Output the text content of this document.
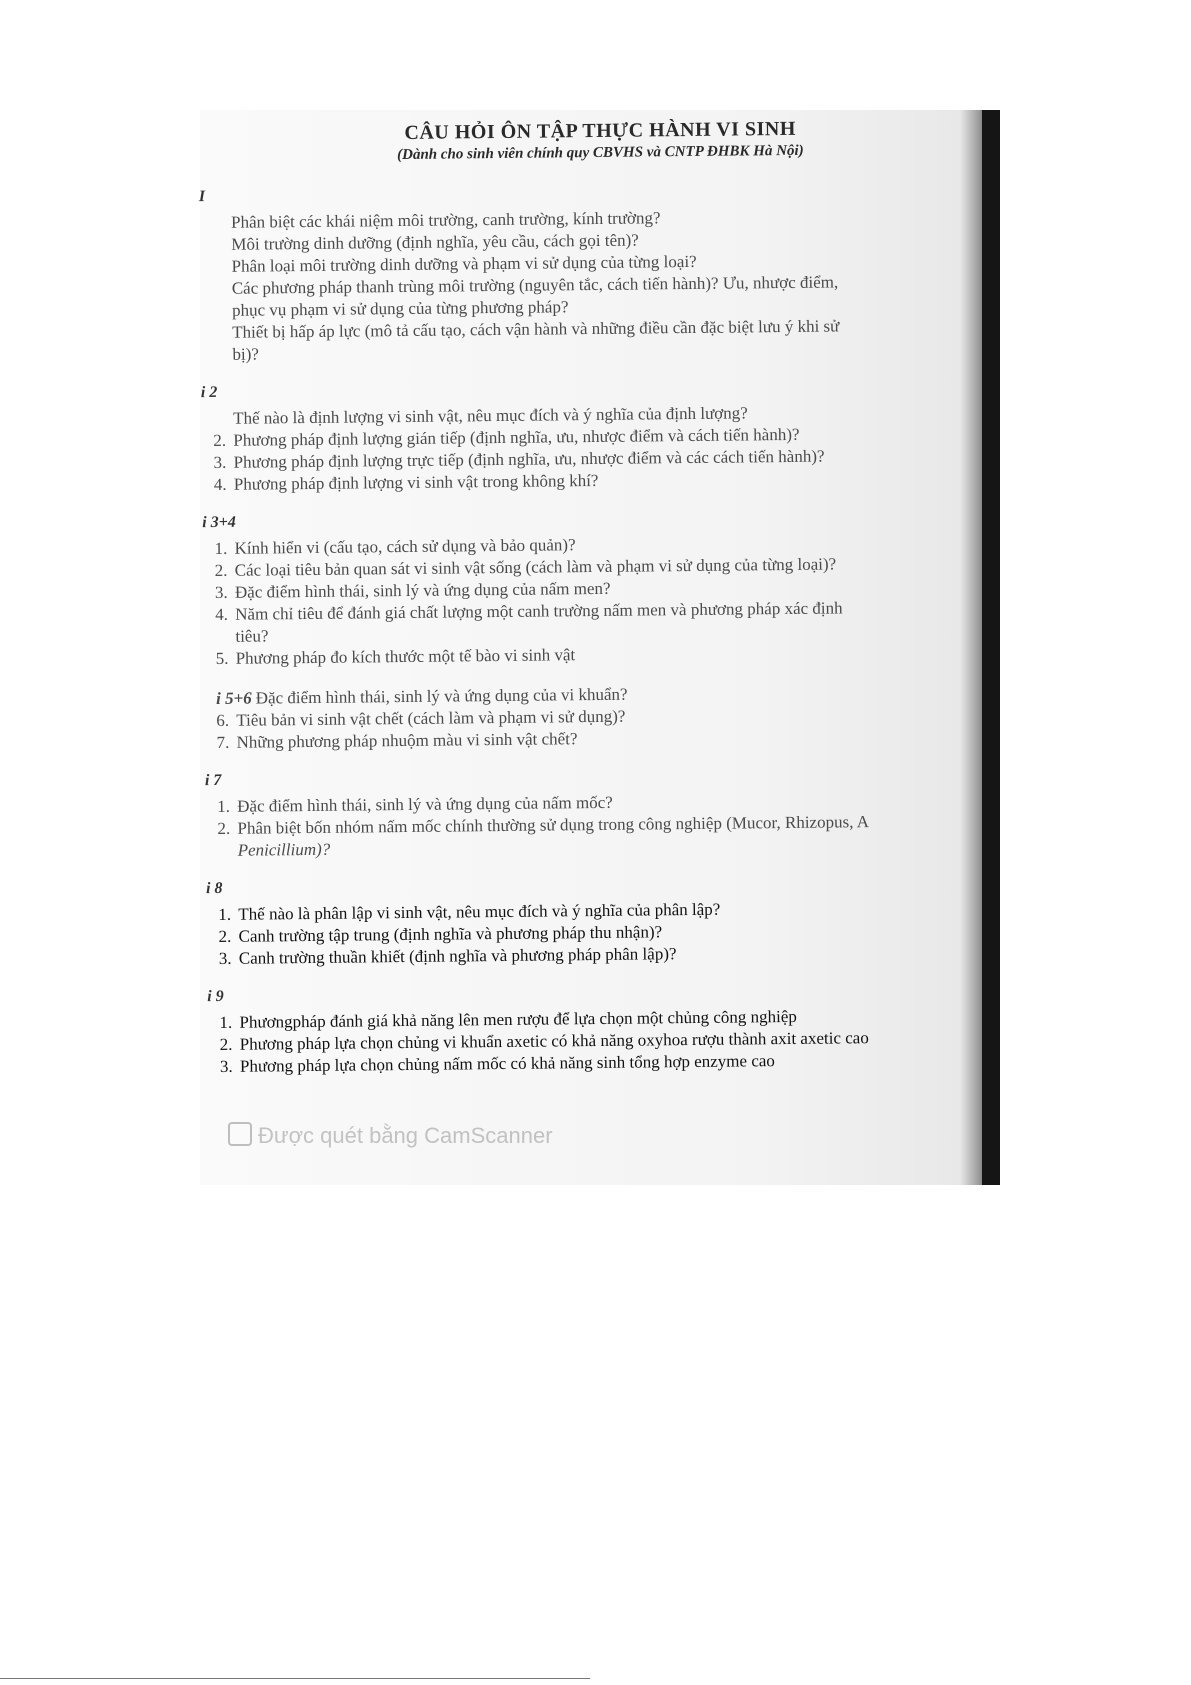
CÂU HỎI ÔN TẬP THỰC HÀNH VI SINH
(Dành cho sinh viên chính quy CBVHS và CNTP ĐHBK Hà Nội)
I

Phân biệt các khái niệm môi trường, canh trường, kính trường?

Môi trường dinh dưỡng (định nghĩa, yêu cầu, cách gọi tên)?

Phân loại môi trường dinh dưỡng và phạm vi sử dụng của từng loại?

Các phương pháp thanh trùng môi trường (nguyên tắc, cách tiến hành)? Ưu, nhược điểm,

phục vụ phạm vi sử dụng của từng phương pháp?

Thiết bị hấp áp lực (mô tả cấu tạo, cách vận hành và những điều cần đặc biệt lưu ý khi sử

bị)?

i 2

Thế nào là định lượng vi sinh vật, nêu mục đích và ý nghĩa của định lượng?

2. Phương pháp định lượng gián tiếp (định nghĩa, ưu, nhược điểm và cách tiến hành)?

3. Phương pháp định lượng trực tiếp (định nghĩa, ưu, nhược điểm và các cách tiến hành)?

4. Phương pháp định lượng vi sinh vật trong không khí?

i 3+4

1. Kính hiển vi (cấu tạo, cách sử dụng và bảo quản)?

2. Các loại tiêu bản quan sát vi sinh vật sống (cách làm và phạm vi sử dụng của từng loại)?

3. Đặc điểm hình thái, sinh lý và ứng dụng của nấm men?

4. Năm chỉ tiêu để đánh giá chất lượng một canh trường nấm men và phương pháp xác định

tiêu?

5. Phương pháp đo kích thước một tế bào vi sinh vật

i 5+6 Đặc điểm hình thái, sinh lý và ứng dụng của vi khuẩn?

6. Tiêu bản vi sinh vật chết (cách làm và phạm vi sử dụng)?

7. Những phương pháp nhuộm màu vi sinh vật chết?

i 7

1. Đặc điểm hình thái, sinh lý và ứng dụng của nấm mốc?

2. Phân biệt bốn nhóm nấm mốc chính thường sử dụng trong công nghiệp (Mucor, Rhizopus, A

Penicillium)?

i 8

1. Thế nào là phân lập vi sinh vật, nêu mục đích và ý nghĩa của phân lập?

2. Canh trường tập trung (định nghĩa và phương pháp thu nhận)?

3. Canh trường thuần khiết (định nghĩa và phương pháp phân lập)?

i 9

1. Phươngpháp đánh giá khả năng lên men rượu để lựa chọn một chủng công nghiệp

2. Phương pháp lựa chọn chủng vi khuẩn axetic có khả năng oxyhoa rượu thành axit axetic cao

3. Phương pháp lựa chọn chủng nấm mốc có khả năng sinh tổng hợp enzyme cao

Được quét bằng CamScanner
